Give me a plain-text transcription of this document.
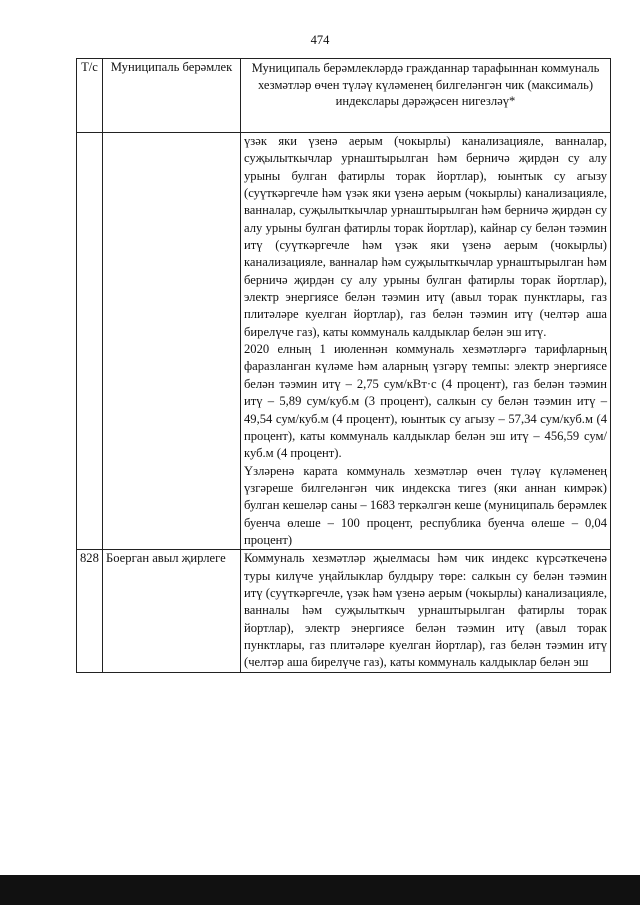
474
Т/с	Муниципаль берәмлек	Муниципаль берәмлекләрдә гражданнар тарафыннан коммуналь хезмәтләр өчен түләү күләменең билгеләнгән чик (максималь) индекслары дәрәҗәсен нигезләү*

		үзәк яки үзенә аерым (чокырлы) канализацияле, ванналар, суҗылыткычлар урнаштырылган һәм берничә җирдән су алу урыны булган фатирлы торак йортлар), юынтык су агызу (суүткәргечле һәм үзәк яки үзенә аерым (чокырлы) канализацияле, ванналар, суҗылыткычлар урнаштырылган һәм берничә җирдән су алу урыны булган фатирлы торак йортлар), кайнар су белән тәэмин итү (суүткәргечле һәм үзәк яки үзенә аерым (чокырлы) канализацияле, ванналар һәм суҗылыткычлар урнаштырылган һәм берничә җирдән су алу урыны булган фатирлы торак йортлар), электр энергиясе белән тәэмин итү (авыл торак пунктлары, газ плитәләре куелган йортлар), газ белән тәэмин итү (челтәр аша бирелүче газ), каты коммуналь калдыклар белән эш итү.

2020 елның 1 июленнән коммуналь хезмәтләргә тарифларның фаразланган күләме һәм аларның үзгәрү темпы: электр энергиясе белән тәэмин итү – 2,75 сум/кВт·с (4 процент), газ белән тәэмин итү – 5,89 сум/куб.м (3 процент), салкын су белән тәэмин итү – 49,54 сум/куб.м (4 процент), юынтык су агызу – 57,34 сум/куб.м (4 процент), каты коммуналь калдыклар белән эш итү – 456,59 сум/куб.м (4 процент).

Үзләренә карата коммуналь хезмәтләр өчен түләү күләменең үзгәреше билгеләнгән чик индекска тигез (яки аннан кимрәк) булган кешеләр саны – 1683 теркәлгән кеше (муниципаль берәмлек буенча өлеше – 100 процент, республика буенча өлеше – 0,04 процент)

828	Боерган авыл җирлеге	Коммуналь хезмәтләр җыелмасы һәм чик индекс күрсәткеченә туры килүче уңайлыклар булдыру төре: салкын су белән тәэмин итү (суүткәргечле, үзәк һәм үзенә аерым (чокырлы) канализацияле, ванналы һәм суҗылыткыч урнаштырылган фатирлы торак йортлар), электр энергиясе белән тәэмин итү (авыл торак пунктлары, газ плитәләре куелган йортлар), газ белән тәэмин итү (челтәр аша бирелүче газ), каты коммуналь калдыклар белән эш
